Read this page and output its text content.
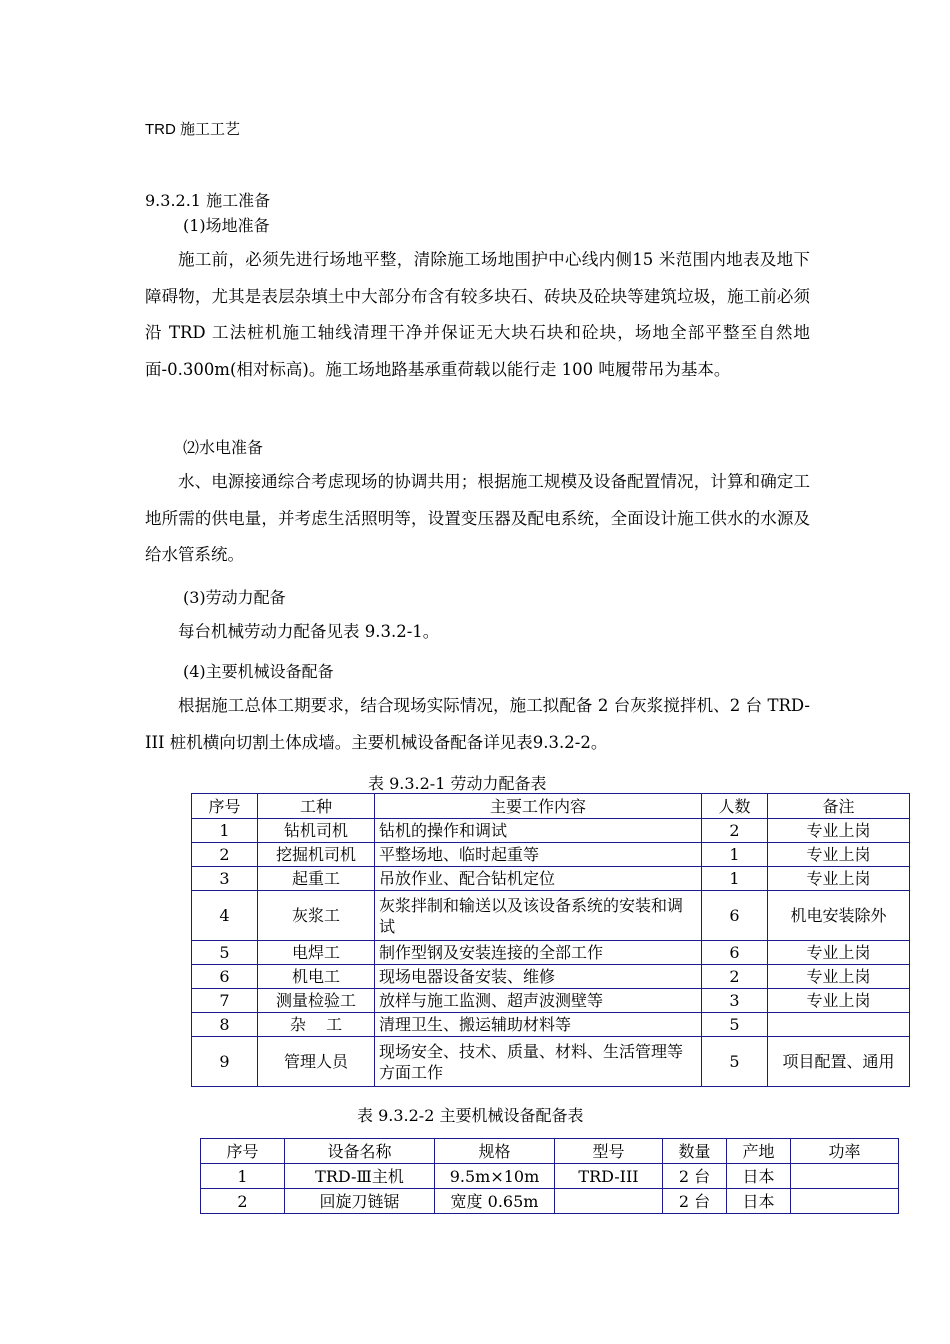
TRD 施工工艺
9.3.2.1 施工准备
(1)场地准备
施工前，必须先进行场地平整，清除施工场地围护中心线内侧15 米范围内地表及地下障碍物，尤其是表层杂填土中大部分布含有较多块石、砖块及砼块等建筑垃圾，施工前必须沿 TRD 工法桩机施工轴线清理干净并保证无大块石块和砼块，场地全部平整至自然地面-0.300m(相对标高)。施工场地路基承重荷载以能行走 100 吨履带吊为基本。
⑵水电准备
水、电源接通综合考虑现场的协调共用；根据施工规模及设备配置情况，计算和确定工地所需的供电量，并考虑生活照明等，设置变压器及配电系统，全面设计施工供水的水源及给水管系统。
(3)劳动力配备
每台机械劳动力配备见表 9.3.2-1。
(4)主要机械设备配备
根据施工总体工期要求，结合现场实际情况，施工拟配备 2 台灰浆搅拌机、2 台 TRD-III 桩机横向切割土体成墙。主要机械设备配备详见表9.3.2-2。
表 9.3.2-1 劳动力配备表
序号	工种	主要工作内容	人数	备注
1	钻机司机	钻机的操作和调试	2	专业上岗
2	挖掘机司机	平整场地、临时起重等	1	专业上岗
3	起重工	吊放作业、配合钻机定位	1	专业上岗
4	灰浆工	灰浆拌制和输送以及该设备系统的安装和调试	6	机电安装除外
5	电焊工	制作型钢及安装连接的全部工作	6	专业上岗
6	机电工	现场电器设备安装、维修	2	专业上岗
7	测量检验工	放样与施工监测、超声波测壁等	3	专业上岗
8	杂    工	清理卫生、搬运辅助材料等	5	
9	管理人员	现场安全、技术、质量、材料、生活管理等方面工作	5	项目配置、通用
表 9.3.2-2 主要机械设备配备表
序号	设备名称	规格	型号	数量	产地	功率
1	TRD-Ⅲ主机	9.5m×10m	TRD-III	2 台	日本	
2	回旋刀链锯	宽度 0.65m		2 台	日本	
